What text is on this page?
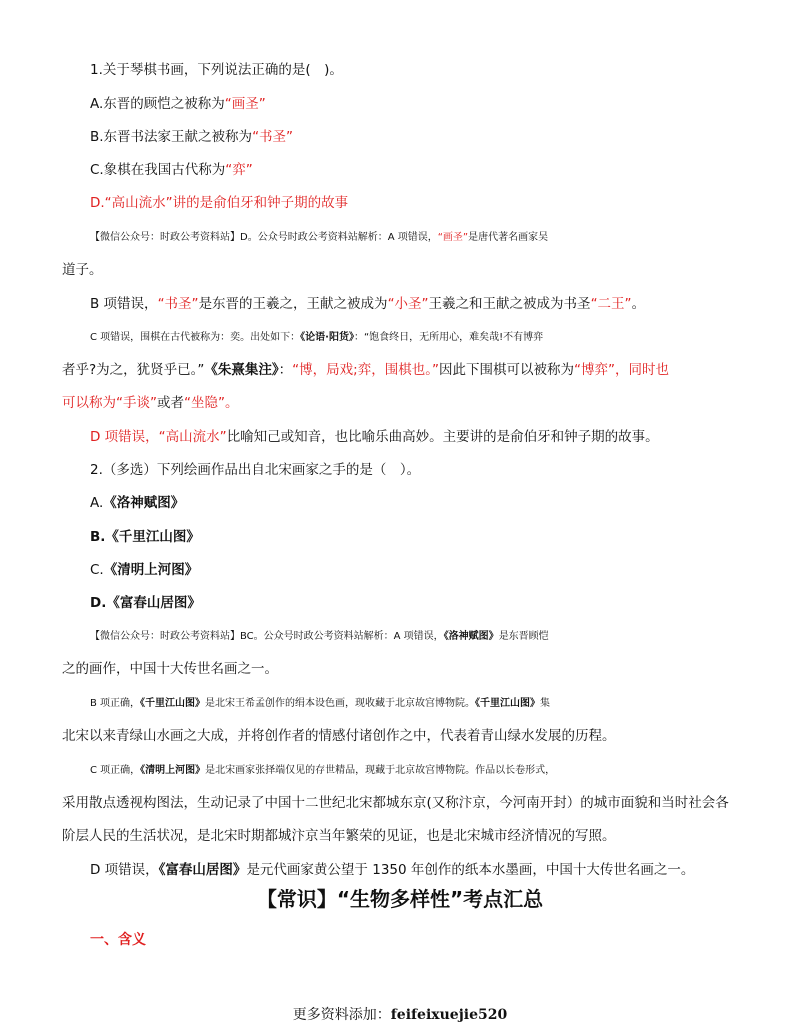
1.关于琴棋书画，下列说法正确的是(　)。

A.东晋的顾恺之被称为“画圣”

B.东晋书法家王献之被称为“书圣”

C.象棋在我国古代称为“弈”

D.“高山流水”讲的是俞伯牙和钟子期的故事

【微信公众号：时政公考资料站】D。公众号时政公考资料站解析：A 项错误，“画圣”是唐代著名画家吴
道子。

B 项错误，“书圣”是东晋的王羲之，王献之被成为“小圣”王羲之和王献之被成为书圣“二王”。

C 项错误，围棋在古代被称为：奕。出处如下：《论语·阳货》：“饱食终日，无所用心，难矣哉!不有博弈
者乎?为之，犹贤乎已。”《朱熹集注》：“博，局戏;弈，围棋也。”因此下围棋可以被称为“博弈”，同时也
可以称为“手谈”或者“坐隐”。

D 项错误，“高山流水”比喻知己或知音，也比喻乐曲高妙。主要讲的是俞伯牙和钟子期的故事。

2.（多选）下列绘画作品出自北宋画家之手的是（　）。

A.《洛神赋图》

B.《千里江山图》

C.《清明上河图》

D.《富春山居图》

【微信公众号：时政公考资料站】BC。公众号时政公考资料站解析：A 项错误，《洛神赋图》是东晋顾恺
之的画作，中国十大传世名画之一。
B 项正确，《千里江山图》是北宋王希孟创作的绢本设色画，现收藏于北京故宫博物院。《千里江山图》集
北宋以来青绿山水画之大成，并将创作者的情感付诸创作之中，代表着青山绿水发展的历程。
C 项正确，《清明上河图》是北宋画家张择端仅见的存世精品，现藏于北京故宫博物院。作品以长卷形式，
采用散点透视构图法，生动记录了中国十二世纪北宋都城东京(又称汴京，今河南开封）的城市面貌和当时社会各
阶层人民的生活状况，是北宋时期都城汴京当年繁荣的见证，也是北宋城市经济情况的写照。

D 项错误，《富春山居图》是元代画家黄公望于 1350 年创作的纸本水墨画，中国十大传世名画之一。

【常识】“生物多样性”考点汇总
一、含义
更多资料添加：feifeixuejie520
